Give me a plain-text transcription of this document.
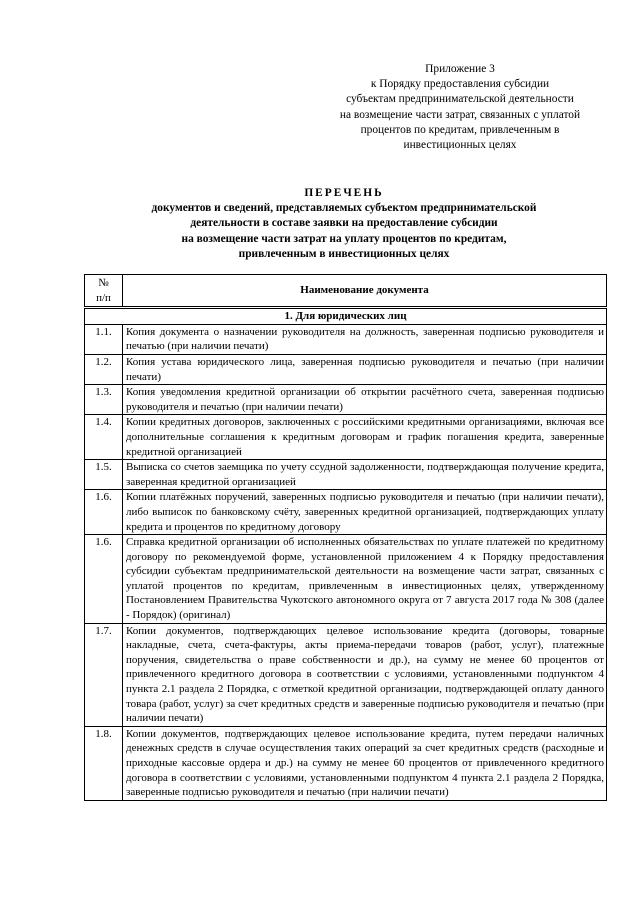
Приложение 3
к Порядку предоставления субсидии
субъектам предпринимательской деятельности
на возмещение части затрат, связанных с уплатой
процентов по кредитам, привлеченным в
инвестиционных целях
ПЕРЕЧЕНЬ
документов и сведений, представляемых субъектом предпринимательской
деятельности в составе заявки на предоставление субсидии
на возмещение части затрат на уплату процентов по кредитам,
привлеченным в инвестиционных целях
№
п/п	Наименование документа
1. Для юридических лиц	
1.1.	Копия документа о назначении руководителя на должность, заверенная подписью руководителя и печатью (при наличии печати)
1.2.	Копия устава юридического лица, заверенная подписью руководителя и печатью (при наличии печати)
1.3.	Копия уведомления кредитной организации об открытии расчётного счета, заверенная подписью руководителя и печатью (при наличии печати)
1.4.	Копии кредитных договоров, заключенных с российскими кредитными организациями, включая все дополнительные соглашения к кредитным договорам и график погашения кредита, заверенные кредитной организацией
1.5.	Выписка со счетов заемщика по учету ссудной задолженности, подтверждающая получение кредита, заверенная кредитной организацией
1.6.	Копии платёжных поручений, заверенных подписью руководителя и печатью (при наличии печати), либо выписок по банковскому счёту, заверенных кредитной организацией, подтверждающих уплату кредита и процентов по кредитному договору
1.6.	Справка кредитной организации об исполненных обязательствах по уплате платежей по кредитному договору по рекомендуемой форме, установленной приложением 4 к Порядку предоставления субсидии субъектам предпринимательской деятельности на возмещение части затрат, связанных с уплатой процентов по кредитам, привлеченным в инвестиционных целях, утвержденному Постановлением Правительства Чукотского автономного округа от 7 августа 2017 года № 308 (далее - Порядок) (оригинал)
1.7.	Копии документов, подтверждающих целевое использование кредита (договоры, товарные накладные, счета, счета-фактуры, акты приема-передачи товаров (работ, услуг), платежные поручения, свидетельства о праве собственности и др.), на сумму не менее 60 процентов от привлеченного кредитного договора в соответствии с условиями, установленными подпунктом 4 пункта 2.1 раздела 2 Порядка, с отметкой кредитной организации, подтверждающей оплату данного товара (работ, услуг) за счет кредитных средств и заверенные подписью руководителя и печатью (при наличии печати)
1.8.	Копии документов, подтверждающих целевое использование кредита, путем передачи наличных денежных средств в случае осуществления таких операций за счет кредитных средств (расходные и приходные кассовые ордера и др.) на сумму не менее 60 процентов от привлеченного кредитного договора в соответствии с условиями, установленными подпунктом 4 пункта 2.1 раздела 2 Порядка, заверенные подписью руководителя и печатью (при наличии печати)
